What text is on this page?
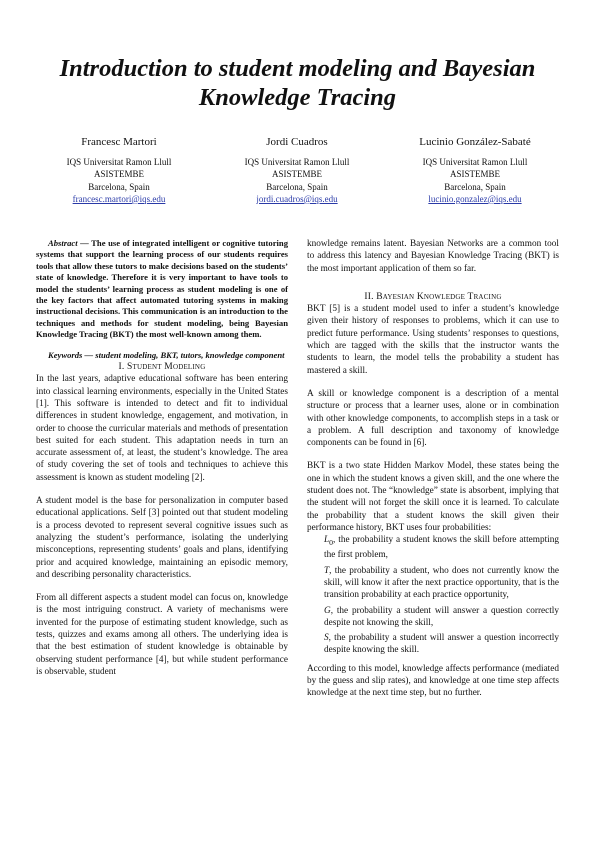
Introduction to student modeling and Bayesian Knowledge Tracing
Francesc Martori
IQS Universitat Ramon Llull
ASISTEMBE
Barcelona, Spain
francesc.martori@iqs.edu
Jordi Cuadros
IQS Universitat Ramon Llull
ASISTEMBE
Barcelona, Spain
jordi.cuadros@iqs.edu
Lucinio González-Sabaté
IQS Universitat Ramon Llull
ASISTEMBE
Barcelona, Spain
lucinio.gonzalez@iqs.edu

Abstract — The use of integrated intelligent or cognitive tutoring systems that support the learning process of our students requires tools that allow these tutors to make decisions based on the students’ state of knowledge. Therefore it is very important to have tools to model the students’ learning process as student modeling is one of the key factors that affect automated tutoring systems in making instructional decisions. This communication is an introduction to the techniques and methods for student modeling, being Bayesian Knowledge Tracing (BKT) the most well-known among them.

Keywords — student modeling, BKT, tutors, knowledge component

I. Student Modeling

In the last years, adaptive educational software has been entering into classical learning environments, especially in the United States [1]. This software is intended to detect and fit to individual differences in student knowledge, engagement, and motivation, in order to choose the curricular materials and methods of presentation best suited for each student. This adaptation needs in turn an accurate assessment of, at least, the student’s knowledge. The area of study covering the set of tools and techniques to achieve this assessment is known as student modeling [2].

A student model is the base for personalization in computer based educational applications. Self [3] pointed out that student modeling is a process devoted to represent several cognitive issues such as analyzing the student’s performance, isolating the underlying misconceptions, representing students’ goals and plans, identifying prior and acquired knowledge, maintaining an episodic memory, and describing personality characteristics.

From all different aspects a student model can focus on, knowledge is the most intriguing construct. A variety of mechanisms were invented for the purpose of estimating student knowledge, such as tests, quizzes and exams among all others. The underlying idea is that the best estimation of student knowledge is obtainable by observing student performance [4], but while student performance is observable, student

knowledge remains latent. Bayesian Networks are a common tool to address this latency and Bayesian Knowledge Tracing (BKT) is the most important application of them so far.

II. Bayesian Knowledge Tracing

BKT [5] is a student model used to infer a student’s knowledge given their history of responses to problems, which it can use to predict future performance. Using students’ responses to questions, which are tagged with the skills that the instructor wants the students to learn, the model tells the probability a student has mastered a skill.

A skill or knowledge component is a description of a mental structure or process that a learner uses, alone or in combination with other knowledge components, to accomplish steps in a task or a problem. A full description and taxonomy of knowledge components can be found in [6].

BKT is a two state Hidden Markov Model, these states being the one in which the student knows a given skill, and the one where the student does not. The “knowledge” state is absorbent, implying that the student will not forget the skill once it is learned. To calculate the probability that a student knows the skill given their performance history, BKT uses four probabilities:

$L_0$, the probability a student knows the skill before attempting the first problem,

T, the probability a student, who does not currently know the skill, will know it after the next practice opportunity, that is the transition probability at each practice opportunity,

G, the probability a student will answer a question correctly despite not knowing the skill,

S, the probability a student will answer a question incorrectly despite knowing the skill.

According to this model, knowledge affects performance (mediated by the guess and slip rates), and knowledge at one time step affects knowledge at the next time step, but no further.
